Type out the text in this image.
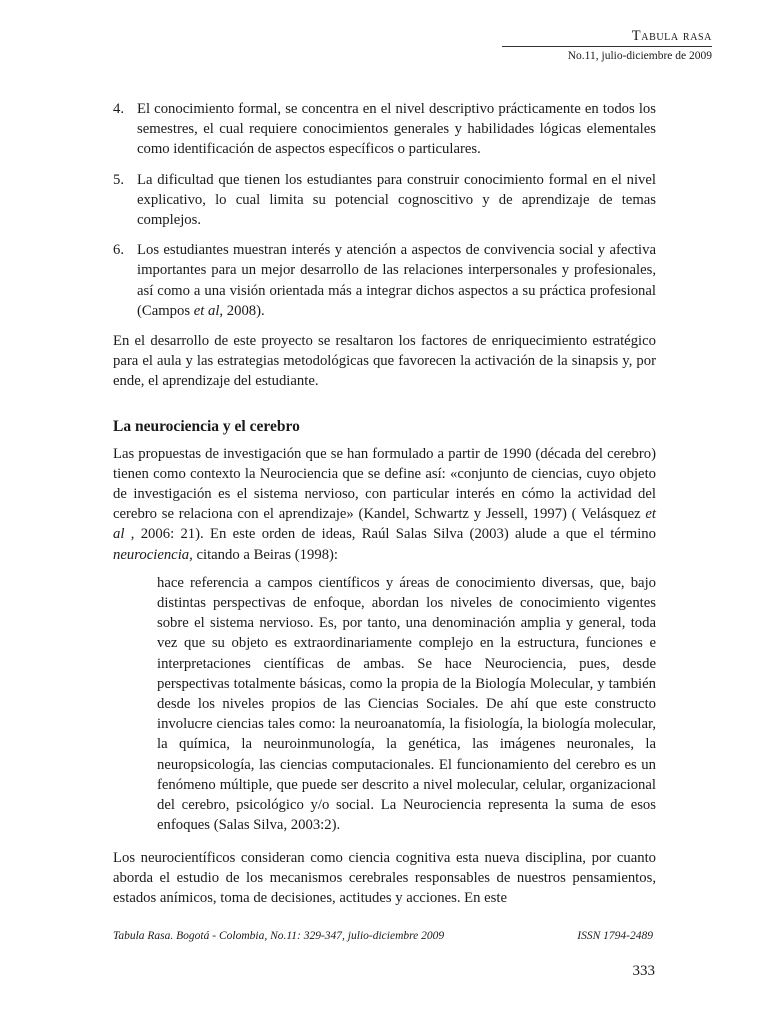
Tabula rasa
No.11, julio-diciembre de 2009
4. El conocimiento formal, se concentra en el nivel descriptivo prácticamente en todos los semestres, el cual requiere conocimientos generales y habilidades lógicas elementales como identificación de aspectos específicos o particulares.
5. La dificultad que tienen los estudiantes para construir conocimiento formal en el nivel explicativo, lo cual limita su potencial cognoscitivo y de aprendizaje de temas complejos.
6. Los estudiantes muestran interés y atención a aspectos de convivencia social y afectiva importantes para un mejor desarrollo de las relaciones interpersonales y profesionales, así como a una visión orientada más a integrar dichos aspectos a su práctica profesional (Campos et al, 2008).

En el desarrollo de este proyecto se resaltaron los factores de enriquecimiento estratégico para el aula y las estrategias metodológicas que favorecen la activación de la sinapsis y, por ende, el aprendizaje del estudiante.

La neurociencia y el cerebro

Las propuestas de investigación que se han formulado a partir de 1990 (década del cerebro) tienen como contexto la Neurociencia que se define así: «conjunto de ciencias, cuyo objeto de investigación es el sistema nervioso, con particular interés en cómo la actividad del cerebro se relaciona con el aprendizaje» (Kandel, Schwartz y Jessell, 1997) ( Velásquez et al , 2006: 21). En este orden de ideas, Raúl Salas Silva (2003) alude a que el término neurociencia, citando a Beiras (1998):

hace referencia a campos científicos y áreas de conocimiento diversas, que, bajo distintas perspectivas de enfoque, abordan los niveles de conocimiento vigentes sobre el sistema nervioso. Es, por tanto, una denominación amplia y general, toda vez que su objeto es extraordinariamente complejo en la estructura, funciones e interpretaciones científicas de ambas. Se hace Neurociencia, pues, desde perspectivas totalmente básicas, como la propia de la Biología Molecular, y también desde los niveles propios de las Ciencias Sociales. De ahí que este constructo involucre ciencias tales como: la neuroanatomía, la fisiología, la biología molecular, la química, la neuroinmunología, la genética, las imágenes neuronales, la neuropsicología, las ciencias computacionales. El funcionamiento del cerebro es un fenómeno múltiple, que puede ser descrito a nivel molecular, celular, organizacional del cerebro, psicológico y/o social. La Neurociencia representa la suma de esos enfoques (Salas Silva, 2003:2).

Los neurocientíficos consideran como ciencia cognitiva esta nueva disciplina, por cuanto aborda el estudio de los mecanismos cerebrales responsables de nuestros pensamientos, estados anímicos, toma de decisiones, actitudes y acciones. En este

Tabula Rasa. Bogotá - Colombia, No.11: 329-347, julio-diciembre 2009	ISSN 1794-2489
333
